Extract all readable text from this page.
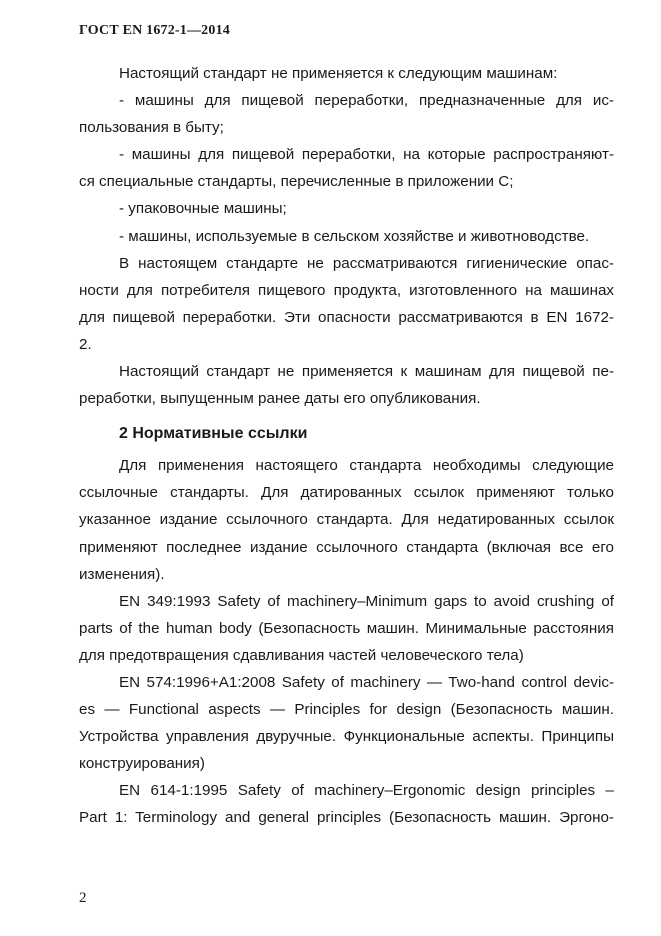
ГОСТ EN 1672-1—2014
Настоящий стандарт не применяется к следующим машинам:
- машины для пищевой переработки, предназначенные для ис-
пользования в быту;
- машины для пищевой переработки, на которые распространяют-
ся специальные стандарты, перечисленные в приложении С;
- упаковочные машины;
- машины, используемые в сельском хозяйстве и животноводстве.
В настоящем стандарте не рассматриваются гигиенические опас-
ности для потребителя пищевого продукта, изготовленного на машинах
для пищевой переработки. Эти опасности рассматриваются в EN 1672-
2.
Настоящий стандарт не применяется к машинам для пищевой пе-
реработки, выпущенным ранее даты его опубликования.
2 Нормативные ссылки
Для применения настоящего стандарта необходимы следующие
ссылочные стандарты. Для датированных ссылок применяют только
указанное издание ссылочного стандарта. Для недатированных ссылок
применяют последнее издание ссылочного стандарта (включая все его
изменения).
EN 349:1993 Safety of machinery–Minimum gaps to avoid crushing of
parts of the human body (Безопасность машин. Минимальные расстояния
для предотвращения сдавливания частей человеческого тела)
EN 574:1996+A1:2008 Safety of machinery — Two-hand control devic-
es — Functional aspects — Principles for design (Безопасность машин.
Устройства управления двуручные. Функциональные аспекты. Принципы
конструирования)
EN 614-1:1995 Safety of machinery–Ergonomic design principles –
Part 1: Terminology and general principles (Безопасность машин. Эргоно-
2
